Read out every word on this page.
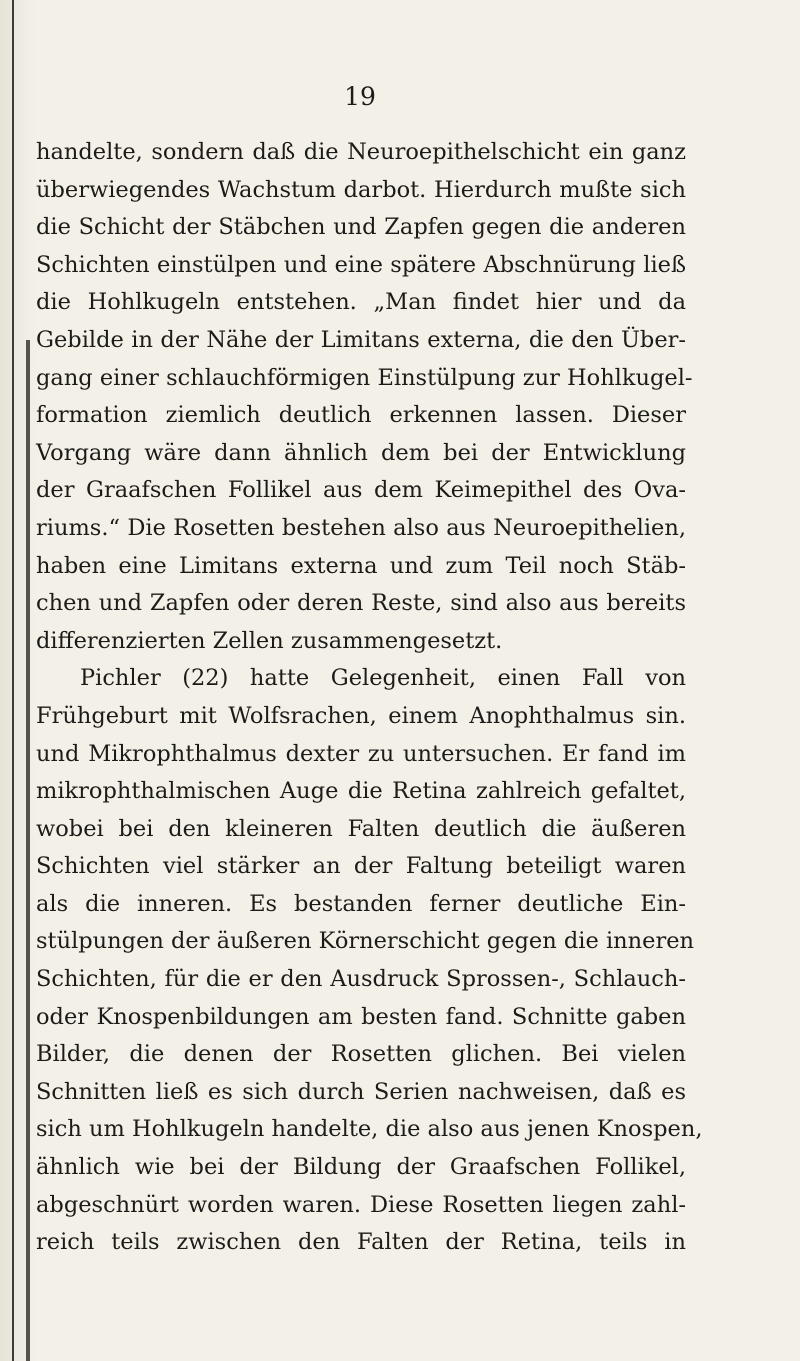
19
handelte, sondern daß die Neuroepithelschicht ein ganz
überwiegendes Wachstum darbot. Hierdurch mußte sich
die Schicht der Stäbchen und Zapfen gegen die anderen
Schichten einstülpen und eine spätere Abschnürung ließ
die Hohlkugeln entstehen. „Man findet hier und da
Gebilde in der Nähe der Limitans externa, die den Über-
gang einer schlauchförmigen Einstülpung zur Hohlkugel-
formation ziemlich deutlich erkennen lassen. Dieser
Vorgang wäre dann ähnlich dem bei der Entwicklung
der Graafschen Follikel aus dem Keimepithel des Ova-
riums.“ Die Rosetten bestehen also aus Neuroepithelien,
haben eine Limitans externa und zum Teil noch Stäb-
chen und Zapfen oder deren Reste, sind also aus bereits
differenzierten Zellen zusammengesetzt.
Pichler (22) hatte Gelegenheit, einen Fall von
Frühgeburt mit Wolfsrachen, einem Anophthalmus sin.
und Mikrophthalmus dexter zu untersuchen. Er fand im
mikrophthalmischen Auge die Retina zahlreich gefaltet,
wobei bei den kleineren Falten deutlich die äußeren
Schichten viel stärker an der Faltung beteiligt waren
als die inneren. Es bestanden ferner deutliche Ein-
stülpungen der äußeren Körnerschicht gegen die inneren
Schichten, für die er den Ausdruck Sprossen-, Schlauch-
oder Knospenbildungen am besten fand. Schnitte gaben
Bilder, die denen der Rosetten glichen. Bei vielen
Schnitten ließ es sich durch Serien nachweisen, daß es
sich um Hohlkugeln handelte, die also aus jenen Knospen,
ähnlich wie bei der Bildung der Graafschen Follikel,
abgeschnürt worden waren. Diese Rosetten liegen zahl-
reich teils zwischen den Falten der Retina, teils in
